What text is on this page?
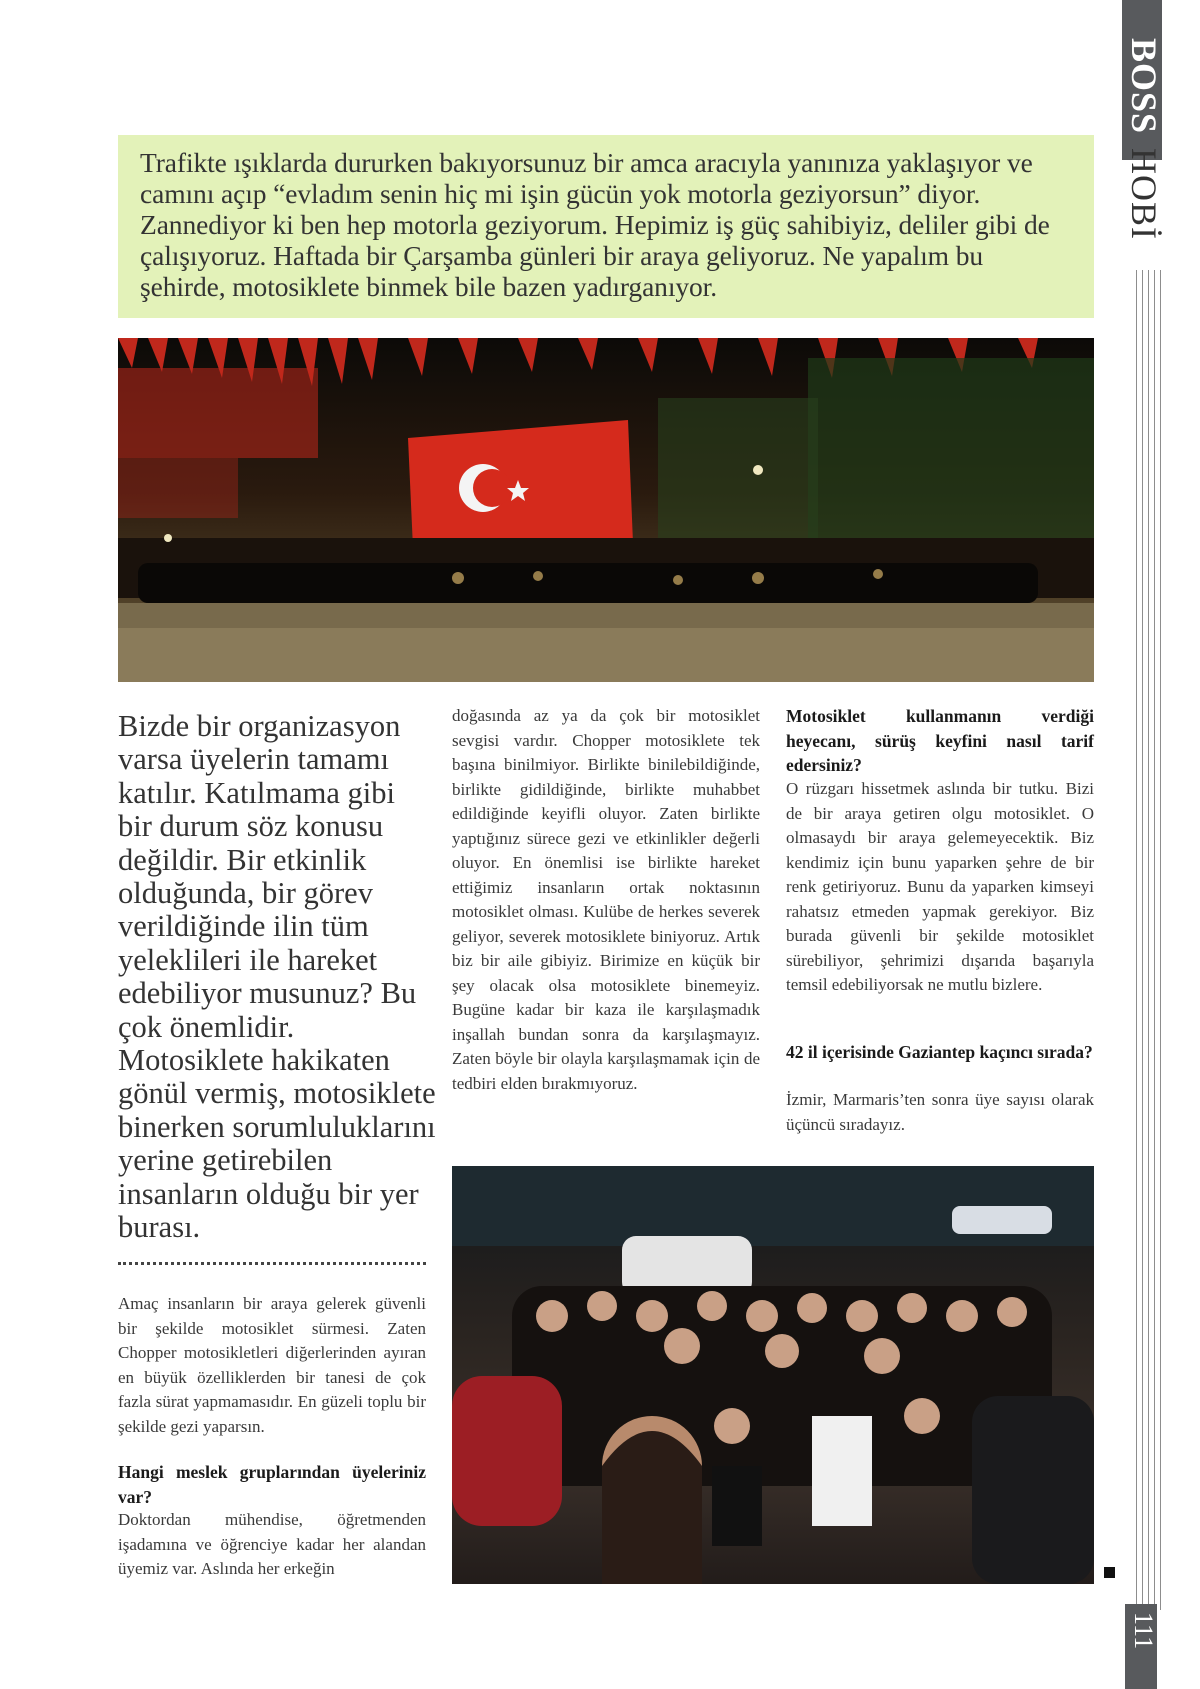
BOSSHOBİ
111

Trafikte ışıklarda dururken bakıyorsunuz bir amca aracıyla yanınıza yaklaşıyor ve camını açıp “evladım senin hiç mi işin gücün yok motorla geziyorsun” diyor. Zannediyor ki ben hep motorla geziyorum. Hepimiz iş güç sahibiyiz, deliler gibi de çalışıyoruz. Haftada bir Çarşamba günleri bir araya geliyoruz. Ne yapalım bu şehirde, motosiklete binmek bile bazen yadırganıyor.

Bizde bir organizasyon varsa üyelerin tamamı katılır. Katılmama gibi bir durum söz konusu değildir. Bir etkinlik olduğunda, bir görev verildiğinde ilin tüm yeleklileri ile hareket edebiliyor musunuz? Bu çok önemlidir. Motosiklete hakikaten gönül vermiş, motosiklete binerken sorumluluklarını yerine getirebilen insanların olduğu bir yer burası.

Amaç insanların bir araya gelerek güvenli bir şekilde motosiklet sürmesi. Zaten Chopper motosikletleri diğerlerinden ayıran en büyük özelliklerden bir tanesi de çok fazla sürat yapmamasıdır. En güzeli toplu bir şekilde gezi yaparsın.

Hangi meslek gruplarından üyeleriniz var?

Doktordan mühendise, öğretmenden işadamına ve öğrenciye kadar her alandan üyemiz var. Aslında her erkeğin

doğasında az ya da çok bir motosiklet sevgisi vardır. Chopper motosiklete tek başına binilmiyor. Birlikte binilebildiğinde, birlikte gidildiğinde, birlikte muhabbet edildiğinde keyifli oluyor. Zaten birlikte yaptığınız sürece gezi ve etkinlikler değerli oluyor. En önemlisi ise birlikte hareket ettiğimiz insanların ortak noktasının motosiklet olması. Kulübe de herkes severek geliyor, severek motosiklete biniyoruz. Artık biz bir aile gibiyiz. Birimize en küçük bir şey olacak olsa motosiklete binemeyiz. Bugüne kadar bir kaza ile karşılaşmadık inşallah bundan sonra da karşılaşmayız. Zaten böyle bir olayla karşılaşmamak için de tedbiri elden bırakmıyoruz.

Motosiklet kullanmanın verdiği heyecanı, sürüş keyfini nasıl tarif edersiniz?

O rüzgarı hissetmek aslında bir tutku. Bizi de bir araya getiren olgu motosiklet. O olmasaydı bir araya gelemeyecektik. Biz kendimiz için bunu yaparken şehre de bir renk getiriyoruz. Bunu da yaparken kimseyi rahatsız etmeden yapmak gerekiyor. Biz burada güvenli bir şekilde motosiklet sürebiliyor, şehrimizi dışarıda başarıyla temsil edebiliyorsak ne mutlu bizlere.

42 il içerisinde Gaziantep kaçıncı sırada?

İzmir, Marmaris’ten sonra üye sayısı olarak üçüncü sıradayız.
